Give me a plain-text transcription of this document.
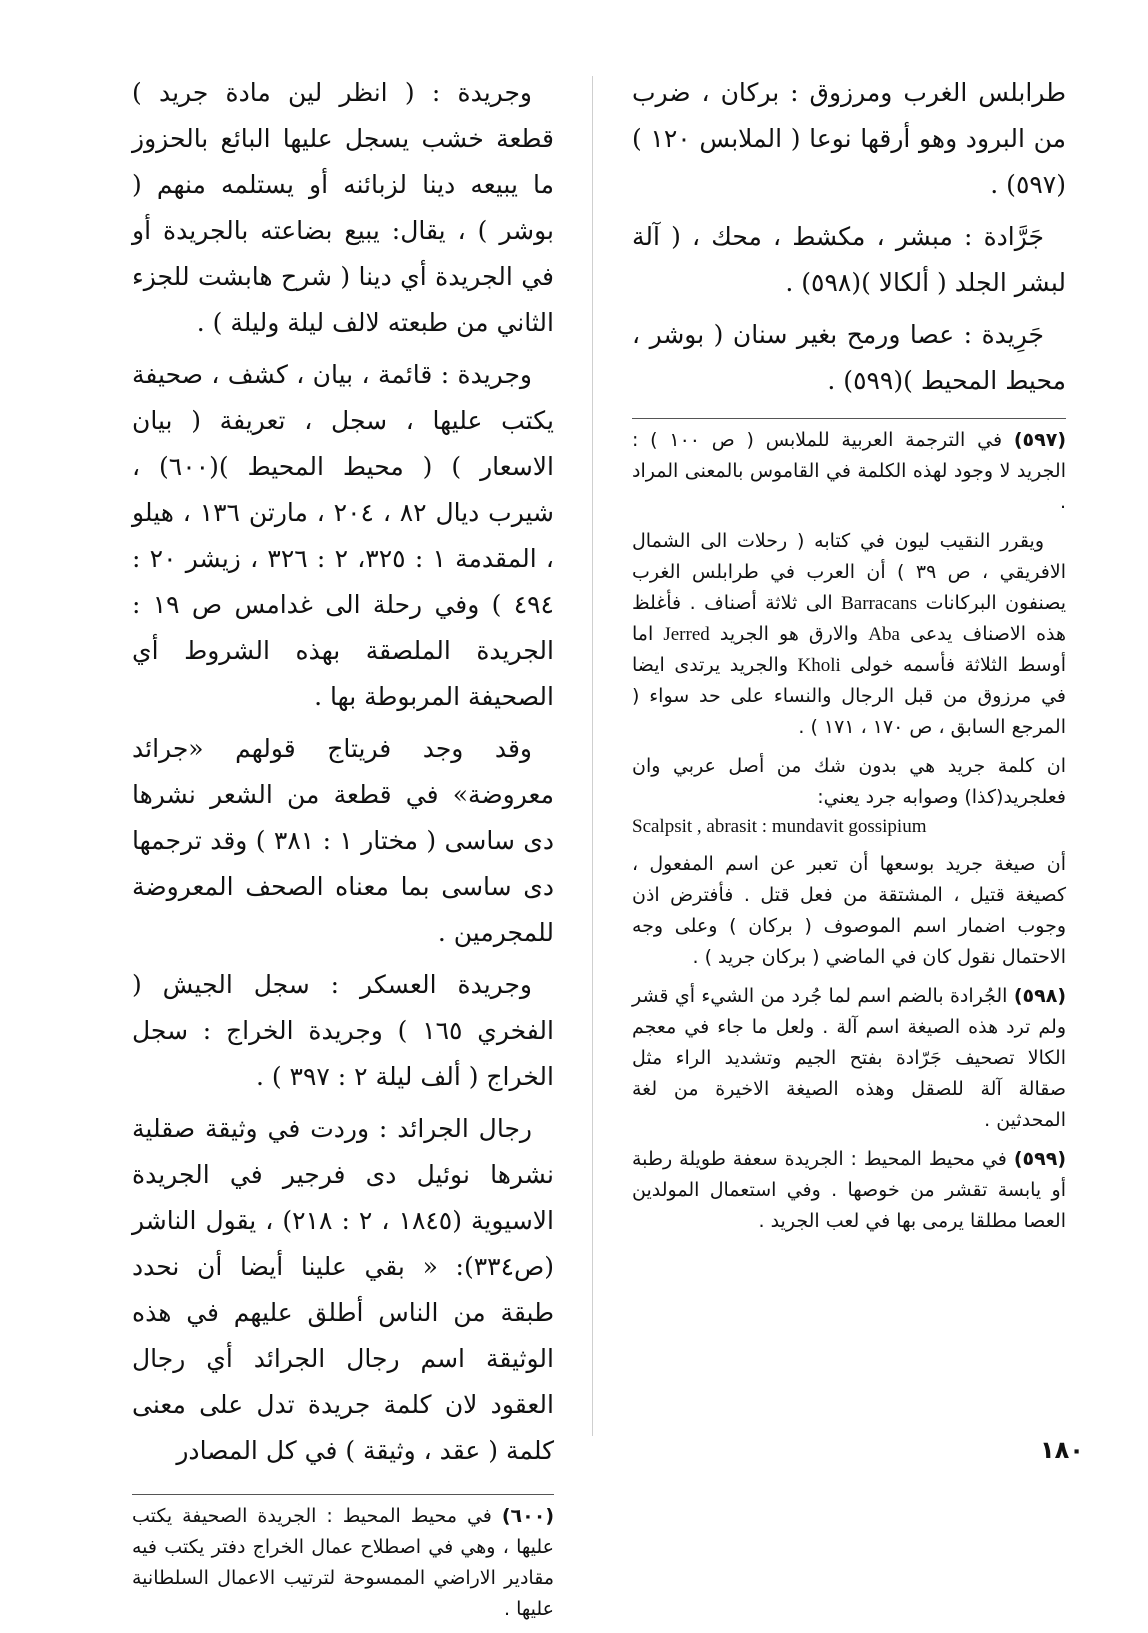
طرابلس الغرب ومرزوق : بركان ، ضرب من البرود وهو أرقها نوعا ( الملابس ١٢٠ )(٥٩٧) .

جَرَّادة : مبشر ، مكشط ، محك ، ( آلة لبشر الجلد ( ألكالا )(٥٩٨) .

جَرِيدة : عصا ورمح بغير سنان ( بوشر ، محيط المحيط )(٥٩٩) .

(٥٩٧) في الترجمة العربية للملابس ( ص ١٠٠ ) : الجريد لا وجود لهذه الكلمة في القاموس بالمعنى المراد .

ويقرر النقيب ليون في كتابه ( رحلات الى الشمال الافريقي ، ص ٣٩ ) أن العرب في طرابلس الغرب يصنفون البركانات Barracans الى ثلاثة أصناف . فأغلظ هذه الاصناف يدعى Aba والارق هو الجريد Jerred اما أوسط الثلاثة فأسمه خولى Kholi والجريد يرتدى ايضا في مرزوق من قبل الرجال والنساء على حد سواء ( المرجع السابق ، ص ١٧٠ ، ١٧١ ) .

ان كلمة جريد هي بدون شك من أصل عربي وان فعلجريد(كذا) وصوابه جرد يعني:
Scalpsit , abrasit : mundavit gossipium

أن صيغة جريد بوسعها أن تعبر عن اسم المفعول ، كصيغة قتيل ، المشتقة من فعل قتل . فأفترض اذن وجوب اضمار اسم الموصوف ( بركان ) وعلى وجه الاحتمال نقول كان في الماضي ( بركان جريد ) .

(٥٩٨) الجُرادة بالضم اسم لما جُرد من الشيء أي قشر ولم ترد هذه الصيغة اسم آلة . ولعل ما جاء في معجم الكالا تصحيف جَرّادة بفتح الجيم وتشديد الراء مثل صقالة آلة للصقل وهذه الصيغة الاخيرة من لغة المحدثين .
(٥٩٩) في محيط المحيط : الجريدة سعفة طويلة رطبة أو يابسة تقشر من خوصها . وفي استعمال المولدين العصا مطلقا يرمى بها في لعب الجريد .

وجريدة : ( انظر لين مادة جريد ) قطعة خشب يسجل عليها البائع بالحزوز ما يبيعه دينا لزبائنه أو يستلمه منهم ( بوشر ) ، يقال: يبيع بضاعته بالجريدة أو في الجريدة أي دينا ( شرح هابشت للجزء الثاني من طبعته لالف ليلة وليلة ) .

وجريدة : قائمة ، بيان ، كشف ، صحيفة يكتب عليها ، سجل ، تعريفة ( بيان الاسعار ) ( محيط المحيط )(٦٠٠) ، شيرب ديال ٨٢ ، ٢٠٤ ، مارتن ١٣٦ ، هيلو ، المقدمة ١ : ٣٢٥، ٢ : ٣٢٦ ، زيشر ٢٠ : ٤٩٤ ) وفي رحلة الى غدامس ص ١٩ : الجريدة الملصقة بهذه الشروط أي الصحيفة المربوطة بها .

وقد وجد فريتاج قولهم «جرائد معروضة» في قطعة من الشعر نشرها دى ساسى ( مختار ١ : ٣٨١ ) وقد ترجمها دى ساسى بما معناه الصحف المعروضة للمجرمين .

وجريدة العسكر : سجل الجيش ( الفخري ١٦٥ ) وجريدة الخراج : سجل الخراج ( ألف ليلة ٢ : ٣٩٧ ) .

رجال الجرائد : وردت في وثيقة صقلية نشرها نوئيل دى فرجير في الجريدة الاسيوية (١٨٤٥ ، ٢ : ٢١٨) ، يقول الناشر (ص٣٣٤): « بقي علينا أيضا أن نحدد طبقة من الناس أطلق عليهم في هذه الوثيقة اسم رجال الجرائد أي رجال العقود لان كلمة جريدة تدل على معنى كلمة ( عقد ، وثيقة ) في كل المصادر

(٦٠٠) في محيط المحيط : الجريدة الصحيفة يكتب عليها ، وهي في اصطلاح عمال الخراج دفتر يكتب فيه مقادير الاراضي الممسوحة لترتيب الاعمال السلطانية عليها .
١٨٠
